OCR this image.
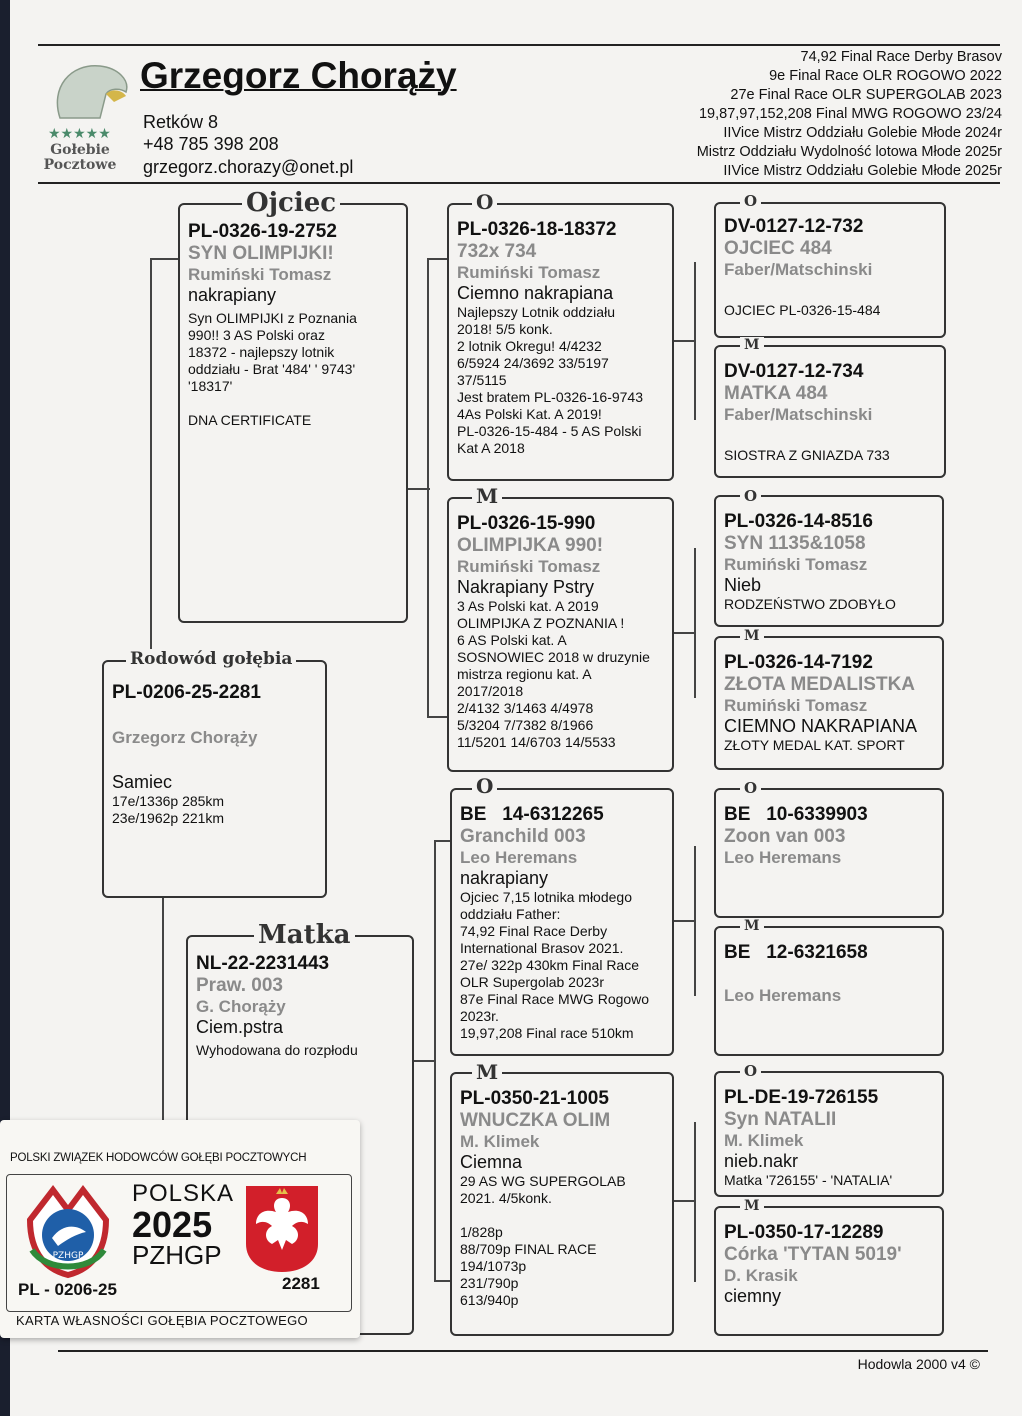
★★★★★
Gołebie Pocztowe
Grzegorz Chorąży
Retków 8
+48 785 398 208
grzegorz.chorazy@onet.pl
74,92 Final Race Derby Brasov
9e Final Race OLR ROGOWO 2022
27e Final Race OLR SUPERGOLAB 2023
19,87,97,152,208 Final MWG ROGOWO 23/24
IIVice Mistrz Oddziału Golebie Młode 2024r
Mistrz Oddziału Wydolność lotowa Młode 2025r
IIVice Mistrz Oddziału Golebie Młode 2025r
PL-0206-25-2281
Grzegorz Chorąży
Samiec
17e/1336p 285km
23e/1962p 221km
Rodowód gołębia
PL-0326-19-2752
SYN OLIMPIJKI!
Rumiński Tomasz
nakrapiany
Syn OLIMPIJKI z Poznania
990!! 3 AS Polski oraz
18372 - najlepszy lotnik
oddziału - Brat '484' ' 9743'
'18317'

DNA CERTIFICATE
Ojciec
NL-22-2231443
Praw. 003
G. Chorąży
Ciem.pstra
Wyhodowana do rozpłodu
Matka
PL-0326-18-18372
732x 734
Rumiński Tomasz
Ciemno nakrapiana
Najlepszy Lotnik oddziału
2018! 5/5 konk.
2 lotnik Okregu! 4/4232
6/5924 24/3692 33/5197
37/5115
Jest bratem PL-0326-16-9743
4As Polski Kat. A 2019!
PL-0326-15-484 - 5 AS Polski
Kat A 2018
O
PL-0326-15-990
OLIMPIJKA 990!
Rumiński Tomasz
Nakrapiany Pstry
3 As Polski kat. A 2019
OLIMPIJKA Z POZNANIA !
6 AS Polski kat. A
SOSNOWIEC 2018 w druzynie
mistrza regionu kat. A
2017/2018
2/4132 3/1463 4/4978
5/3204 7/7382 8/1966
11/5201 14/6703 14/5533
M
BE   14-6312265
Granchild 003
Leo Heremans
nakrapiany
Ojciec 7,15 lotnika młodego
oddziału Father:
74,92 Final Race Derby
International Brasov 2021.
27e/ 322p 430km Final Race
OLR Supergolab 2023r
87e Final Race MWG Rogowo
2023r.
19,97,208 Final race 510km
O
PL-0350-21-1005
WNUCZKA OLIM
M. Klimek
Ciemna
29 AS WG SUPERGOLAB
2021. 4/5konk.

1/828p
88/709p FINAL RACE
194/1073p
231/790p
613/940p
M
DV-0127-12-732
OJCIEC 484
Faber/Matschinski
OJCIEC PL-0326-15-484
O
DV-0127-12-734
MATKA 484
Faber/Matschinski
SIOSTRA Z GNIAZDA 733
M
PL-0326-14-8516
SYN 1135&1058
Rumiński Tomasz
Nieb
RODZEŃSTWO ZDOBYŁO
O
PL-0326-14-7192
ZŁOTA MEDALISTKA
Rumiński Tomasz
CIEMNO NAKRAPIANA
ZŁOTY MEDAL KAT. SPORT
M
BE   10-6339903
Zoon van 003
Leo Heremans
O
BE   12-6321658
Leo Heremans
M
PL-DE-19-726155
Syn NATALII
M. Klimek
nieb.nakr
Matka '726155' - 'NATALIA'
O
PL-0350-17-12289
Córka 'TYTAN 5019'
D. Krasik
ciemny
M
Hodowla 2000 v4 ©
POLSKI ZWIĄZEK HODOWCÓW GOŁĘBI POCZTOWYCH
PZHGP
POLSKA
2025
PZHGP
PL - 0206-25	2281
KARTA WŁASNOŚCI GOŁĘBIA POCZTOWEGO
